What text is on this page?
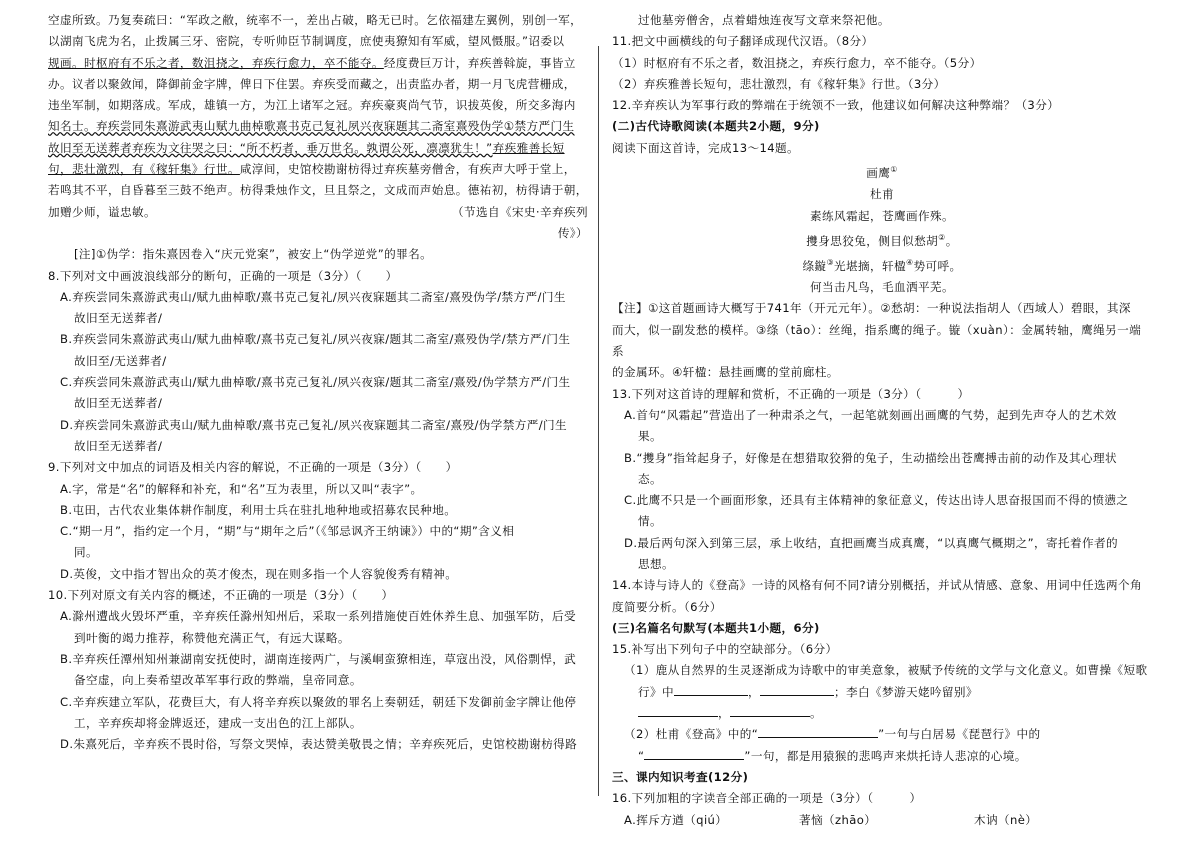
空虚所致。乃复奏疏曰：“军政之敝，统率不一，差出占破，略无已时。乞依福建左翼例，别创一军，

以湖南飞虎为名，止拨属三牙、密院，专听帅臣节制调度，庶使夷獠知有军威，望风慑服。”诏委以

规画。时枢府有不乐之者，数沮挠之，弃疾行愈力，卒不能夺。经度费巨万计，弃疾善斡旋，事皆立

办。议者以聚敛闻，降御前金字牌，俾日下住罢。弃疾受而藏之，出责监办者，期一月飞虎营栅成，

违坐军制，如期落成。军成，雄镇一方，为江上诸军之冠。弃疾豪爽尚气节，识拔英俊，所交多海内

知名士。弃疾尝同朱熹游武夷山赋九曲棹歌熹书克己复礼夙兴夜寐题其二斋室熹殁伪学①禁方严门生

故旧至无送葬者弃疾为文往哭之曰：“所不朽者，垂万世名。孰谓公死，凛凛犹生！”弃疾雅善长短

句，悲壮激烈，有《稼轩集》行世。咸淳间，史馆校勘谢枋得过弃疾墓旁僧舍，有疾声大呼于堂上，

若鸣其不平，自昏暮至三鼓不绝声。枋得秉烛作文，旦且祭之，文成而声始息。德祐初，枋得请于朝，

加赠少师，谥忠敏。	（节选自《宋史·辛弃疾列

传》）

[注]①伪学：指朱熹因卷入“庆元党案”，被安上“伪学逆党”的罪名。

8.下列对文中画波浪线部分的断句，正确的一项是（3分）（　　）

A.弃疾尝同朱熹游武夷山/赋九曲棹歌/熹书克己复礼/夙兴夜寐题其二斋室/熹殁伪学/禁方严/门生

故旧至无送葬者/

B.弃疾尝同朱熹游武夷山/赋九曲棹歌/熹书克己复礼/夙兴夜寐/题其二斋室/熹殁伪学/禁方严/门生

故旧至/无送葬者/

C.弃疾尝同朱熹游武夷山/赋九曲棹歌/熹书克己复礼/夙兴夜寐/题其二斋室/熹殁/伪学禁方严/门生

故旧至无送葬者/

D.弃疾尝同朱熹游武夷山/赋九曲棹歌/熹书克己复礼/夙兴夜寐题其二斋室/熹殁/伪学禁方严/门生

故旧至无送葬者/

9.下列对文中加点的词语及相关内容的解说，不正确的一项是（3分）（　　）

A.字，常是“名”的解释和补充，和“名”互为表里，所以又叫“表字”。

B.屯田，古代农业集体耕作制度，利用士兵在驻扎地种地或招募农民种地。

C.“期一月”，指约定一个月，“期”与“期年之后”（《邹忌讽齐王纳谏》）中的“期”含义相

同。

D.英俊，文中指才智出众的英才俊杰，现在则多指一个人容貌俊秀有精神。

10.下列对原文有关内容的概述，不正确的一项是（3分）（　　）

A.滁州遭战火毁坏严重，辛弃疾任滁州知州后，采取一系列措施使百姓休养生息、加强军防，后受

到叶衡的竭力推荐，称赞他充满正气，有远大谋略。

B.辛弃疾任潭州知州兼湖南安抚使时，湖南连接两广，与溪峒蛮獠相连，草寇出没，风俗剽悍，武

备空虚，向上奏希望改革军事行政的弊端，皇帝同意。

C.辛弃疾建立军队，花费巨大，有人将辛弃疾以聚敛的罪名上奏朝廷，朝廷下发御前金字牌让他停

工，辛弃疾却将金牌返还，建成一支出色的江上部队。

D.朱熹死后，辛弃疾不畏时俗，写祭文哭悼，表达赞美敬畏之情；辛弃疾死后，史馆校勘谢枋得路

过他墓旁僧舍，点着蜡烛连夜写文章来祭祀他。

11.把文中画横线的句子翻译成现代汉语。（8分）

（1）时枢府有不乐之者，数沮挠之，弃疾行愈力，卒不能夺。（5分）

（2）弃疾雅善长短句，悲壮激烈，有《稼轩集》行世。（3分）

12.辛弃疾认为军事行政的弊端在于统领不一致，他建议如何解决这种弊端？（3分）

(二)古代诗歌阅读(本题共2小题，9分)

阅读下面这首诗，完成13～14题。

画鹰①

杜甫

素练风霜起，苍鹰画作殊。

㩳身思狡兔，侧目似愁胡②。

绦鏇③光堪摘，轩楹④势可呼。

何当击凡鸟，毛血洒平芜。

【注】①这首题画诗大概写于741年（开元元年）。②愁胡：一种说法指胡人（西域人）碧眼，其深

而大，似一副发愁的模样。③绦（tāo）：丝绳，指系鹰的绳子。镟（xuàn）：金属转轴，鹰绳另一端系

的金属环。④轩楹：悬挂画鹰的堂前廊柱。

13.下列对这首诗的理解和赏析，不正确的一项是（3分）（　　　）

A.首句“风霜起”营造出了一种肃杀之气，一起笔就刻画出画鹰的气势，起到先声夺人的艺术效

果。

B.“㩳身”指耸起身子，好像是在想猎取狡猾的兔子，生动描绘出苍鹰搏击前的动作及其心理状

态。

C.此鹰不只是一个画面形象，还具有主体精神的象征意义，传达出诗人思奋报国而不得的愤懑之

情。

D.最后两句深入到第三层，承上收结，直把画鹰当成真鹰，“以真鹰气概期之”，寄托着作者的

思想。

14.本诗与诗人的《登高》一诗的风格有何不同?请分别概括，并试从情感、意象、用词中任选两个角

度简要分析。（6分）

(三)名篇名句默写(本题共1小题，6分)

15.补写出下列句子中的空缺部分。（6分）

（1）鹿从自然界的生灵逐渐成为诗歌中的审美意象，被赋予传统的文学与文化意义。如曹操《短歌

行》中	，	；李白《梦游天姥吟留别》

，	。

（2）杜甫《登高》中的“	”一句与白居易《琵琶行》中的

“	”一句，都是用猿猴的悲鸣声来烘托诗人悲凉的心境。

三、课内知识考查(12分)

16.下列加粗的字读音全部正确的一项是（3分）（　　　）

A.挥斥方遒（qiú）	著恼（zhāo）	木讷（nè）
